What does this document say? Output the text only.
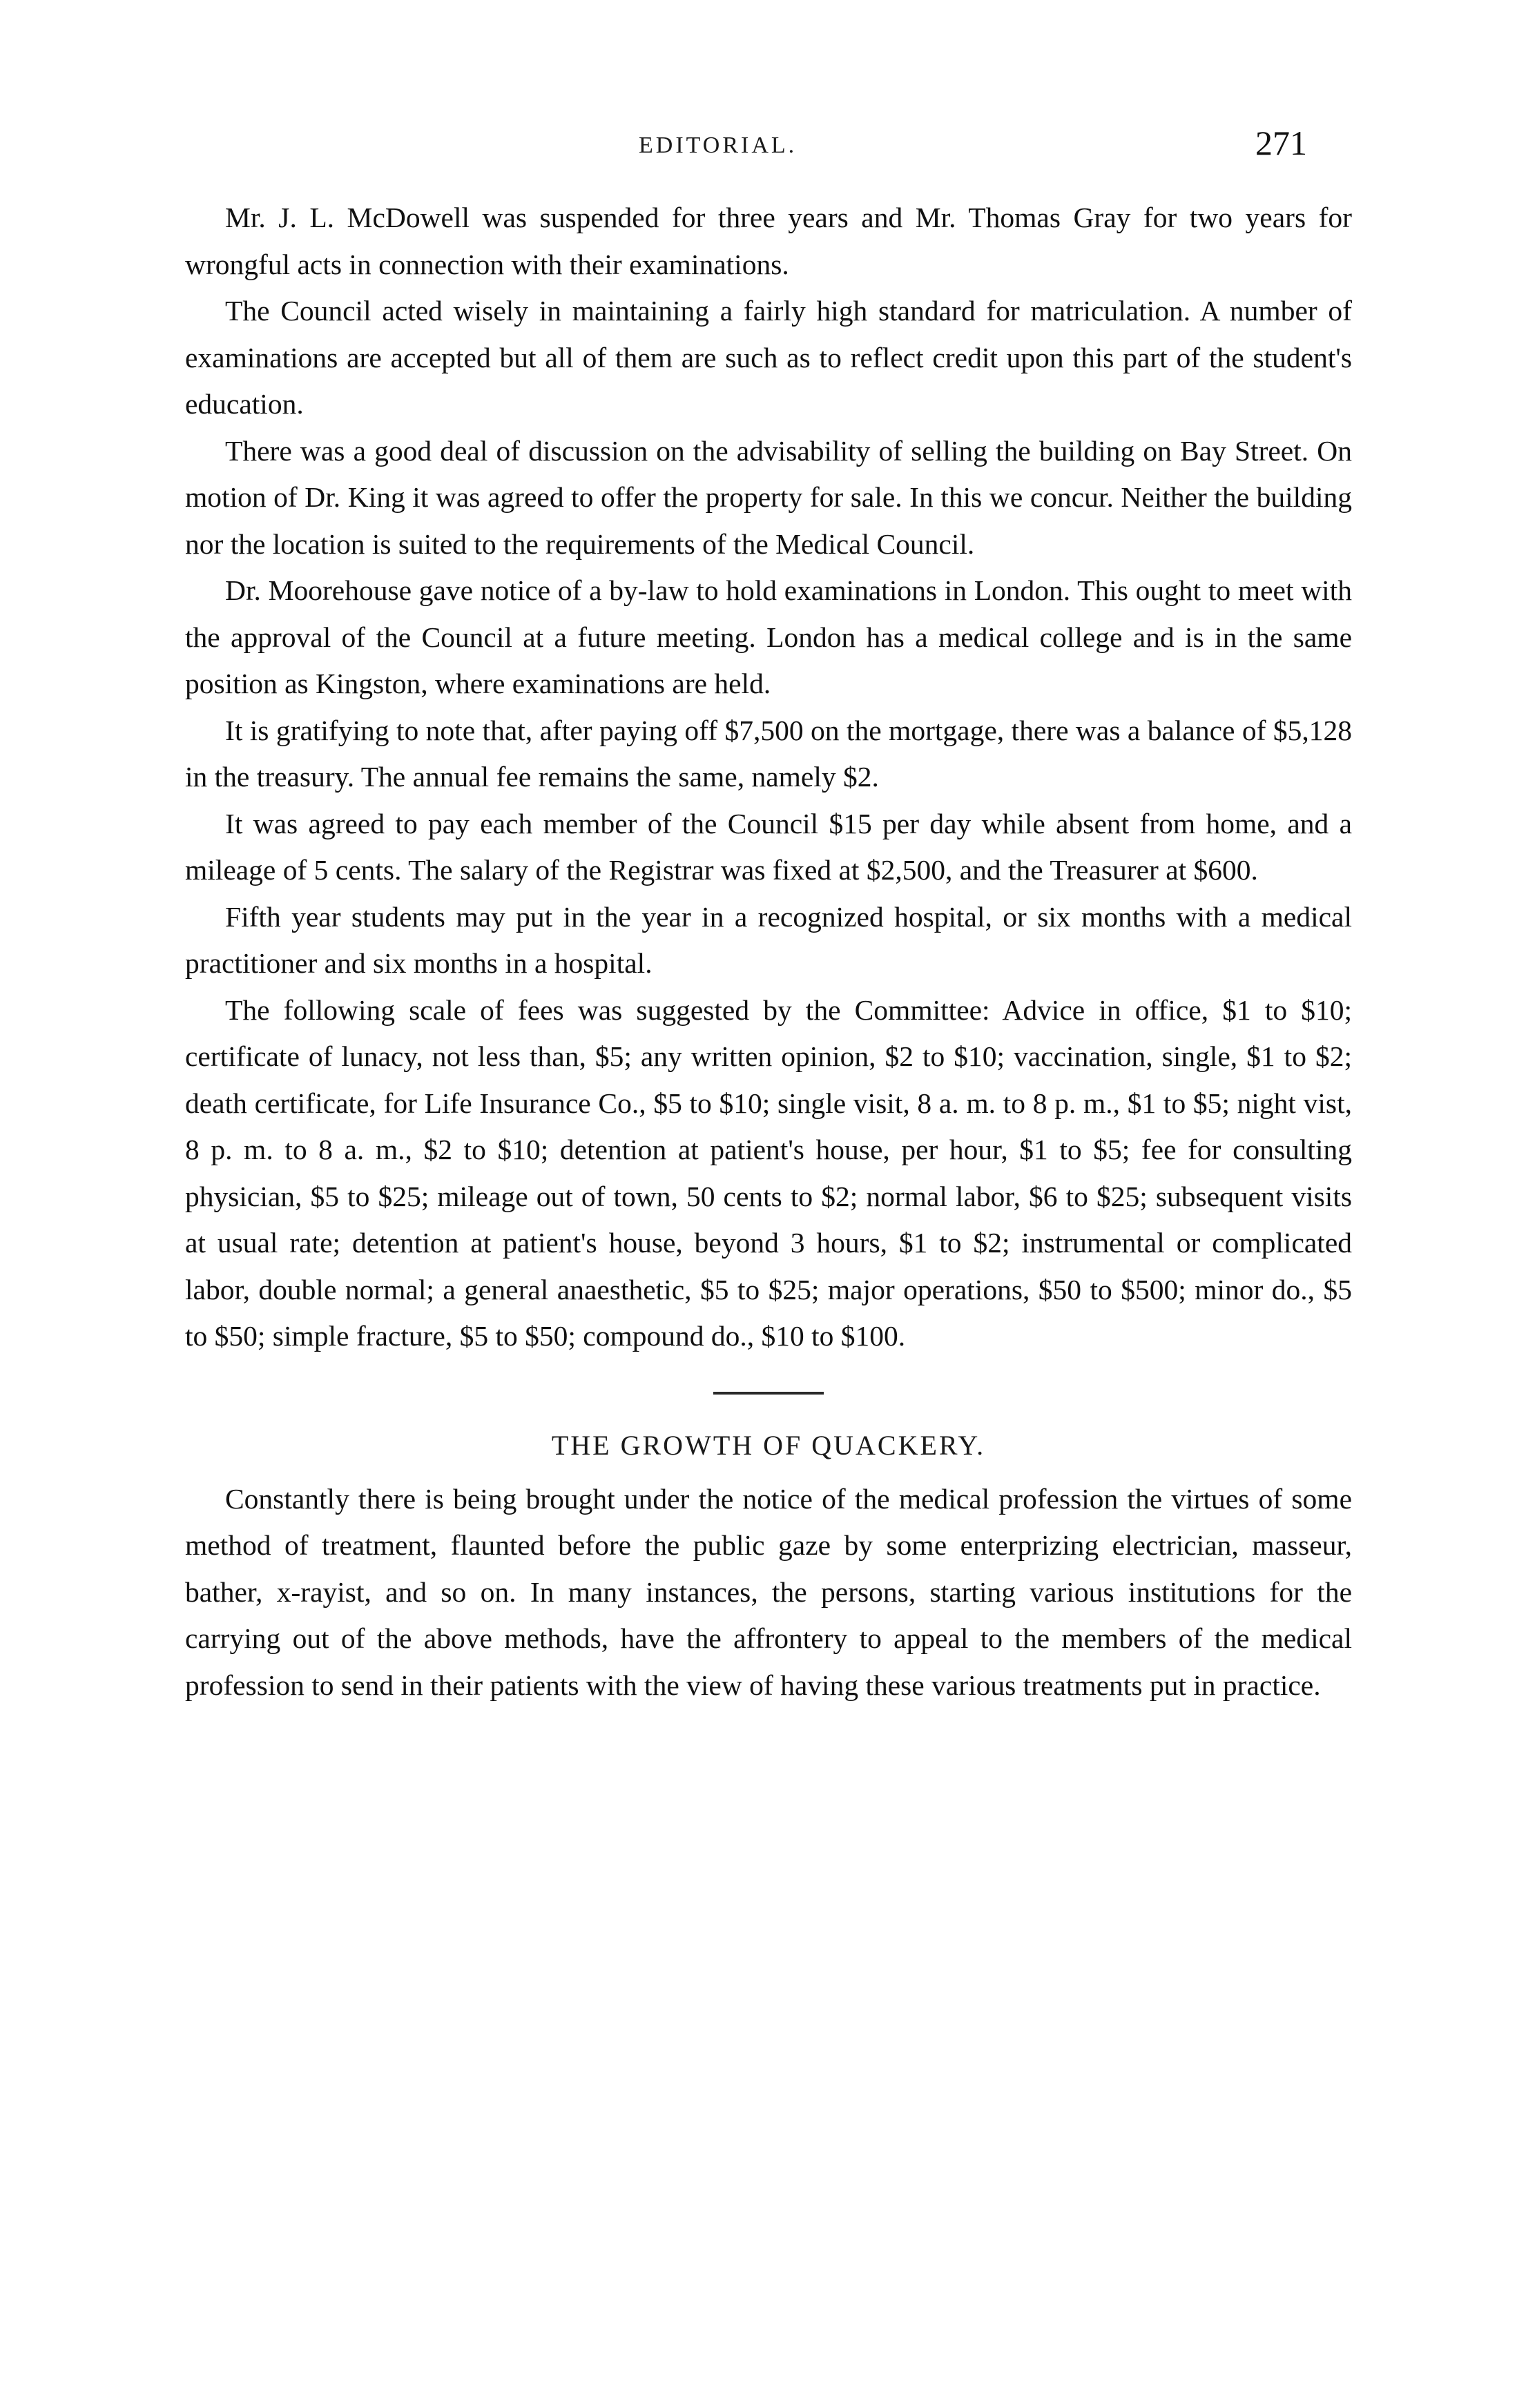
EDITORIAL.	271

Mr. J. L. McDowell was suspended for three years and Mr. Thomas Gray for two years for wrongful acts in connection with their examinations.

The Council acted wisely in maintaining a fairly high standard for matriculation. A number of examinations are accepted but all of them are such as to reflect credit upon this part of the student's education.

There was a good deal of discussion on the advisability of selling the building on Bay Street. On motion of Dr. King it was agreed to offer the property for sale. In this we concur. Neither the building nor the location is suited to the requirements of the Medical Council.

Dr. Moorehouse gave notice of a by-law to hold examinations in London. This ought to meet with the approval of the Council at a future meeting. London has a medical college and is in the same position as Kingston, where examinations are held.

It is gratifying to note that, after paying off $7,500 on the mortgage, there was a balance of $5,128 in the treasury. The annual fee remains the same, namely $2.

It was agreed to pay each member of the Council $15 per day while absent from home, and a mileage of 5 cents. The salary of the Registrar was fixed at $2,500, and the Treasurer at $600.

Fifth year students may put in the year in a recognized hospital, or six months with a medical practitioner and six months in a hospital.

The following scale of fees was suggested by the Committee: Advice in office, $1 to $10; certificate of lunacy, not less than, $5; any written opinion, $2 to $10; vaccination, single, $1 to $2; death certificate, for Life Insurance Co., $5 to $10; single visit, 8 a. m. to 8 p. m., $1 to $5; night vist, 8 p. m. to 8 a. m., $2 to $10; detention at patient's house, per hour, $1 to $5; fee for consulting physician, $5 to $25; mileage out of town, 50 cents to $2; normal labor, $6 to $25; subsequent visits at usual rate; detention at patient's house, beyond 3 hours, $1 to $2; instrumental or complicated labor, double normal; a general anaesthetic, $5 to $25; major operations, $50 to $500; minor do., $5 to $50; simple fracture, $5 to $50; compound do., $10 to $100.

THE GROWTH OF QUACKERY.

Constantly there is being brought under the notice of the medical profession the virtues of some method of treatment, flaunted before the public gaze by some enterprizing electrician, masseur, bather, x-rayist, and so on. In many instances, the persons, starting various institutions for the carrying out of the above methods, have the affrontery to appeal to the members of the medical profession to send in their patients with the view of having these various treatments put in practice.
